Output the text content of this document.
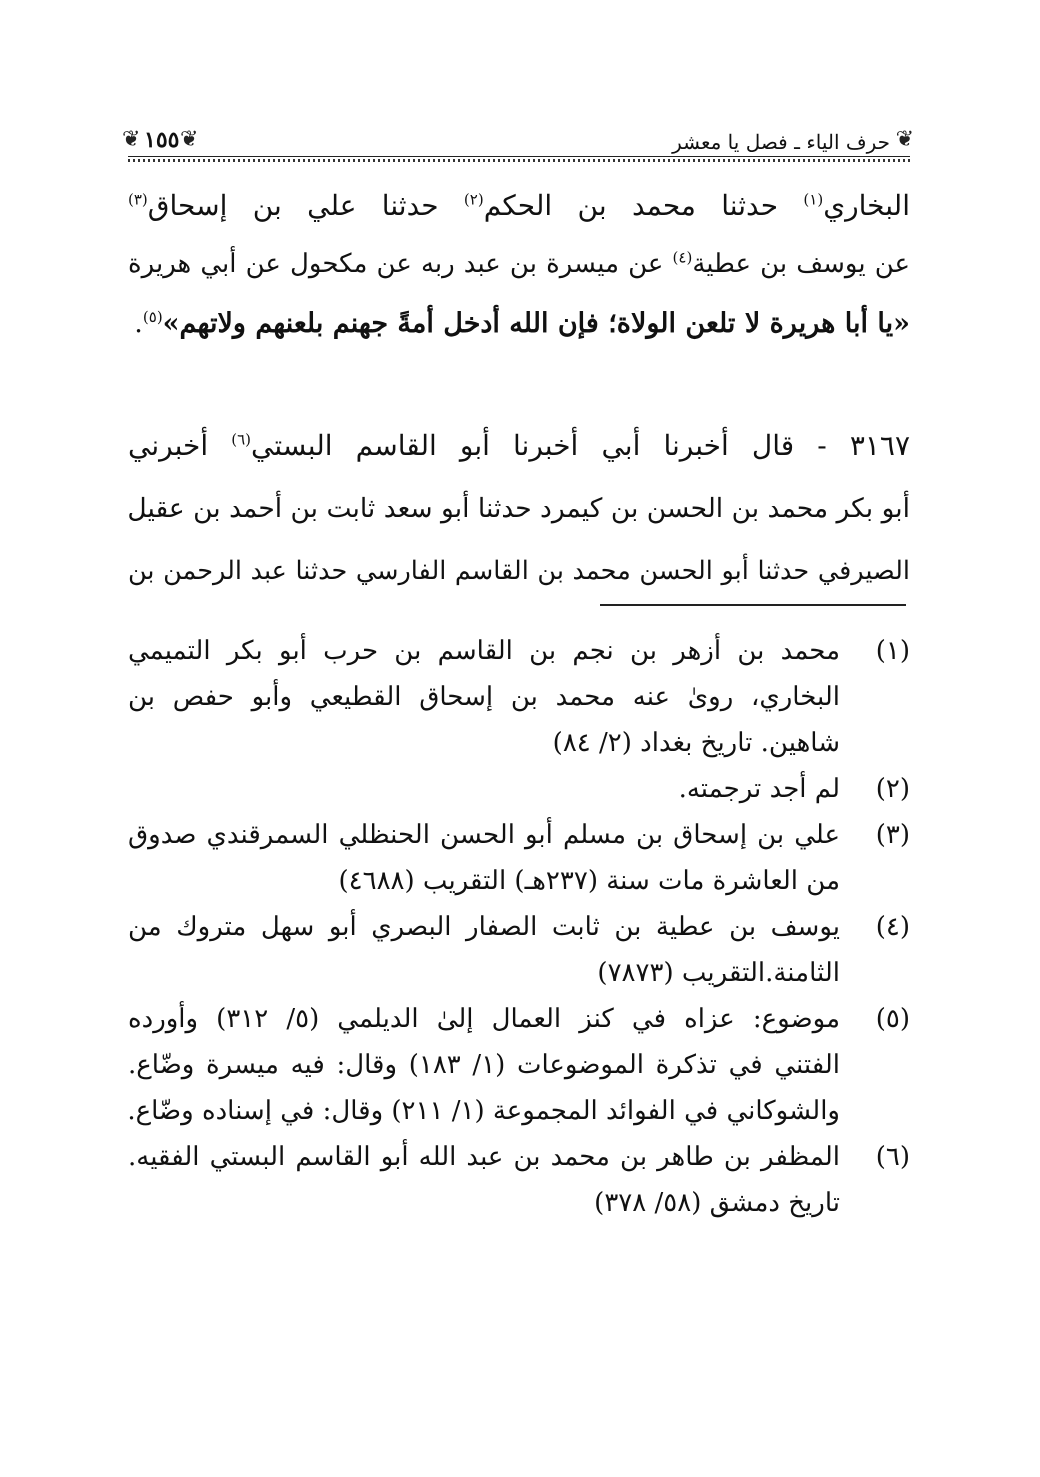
❦
حرف الياء ـ فصل يا معشر
❦
١٥٥
❦
البخاري$^{(١)}$ حدثنا محمد بن الحكم$^{(٢)}$ حدثنا علي بن إسحاق$^{(٣)}$
عن يوسف بن عطية$^{(٤)}$ عن ميسرة بن عبد ربه عن مكحول عن أبي هريرة
«يا أبا هريرة لا تلعن الولاة؛ فإن الله أدخل أمةً جهنم بلعنهم ولاتهم»$^{(٥)}$.
٣١٦٧ - قال أخبرنا أبي أخبرنا أبو القاسم البستي$^{(٦)}$ أخبرني
أبو بكر محمد بن الحسن بن كيمرد حدثنا أبو سعد ثابت بن أحمد بن عقيل
الصيرفي حدثنا أبو الحسن محمد بن القاسم الفارسي حدثنا عبد الرحمن بن
(١)
محمد بن أزهر بن نجم بن القاسم بن حرب أبو بكر التميمي
البخاري، روىٰ عنه محمد بن إسحاق القطيعي وأبو حفص بن
شاهين. تاريخ بغداد (٢/ ٨٤)
(٢)
لم أجد ترجمته.
(٣)
علي بن إسحاق بن مسلم أبو الحسن الحنظلي السمرقندي صدوق
من العاشرة مات سنة (٢٣٧هـ) التقريب (٤٦٨٨)
(٤)
يوسف بن عطية بن ثابت الصفار البصري أبو سهل متروك من
الثامنة.التقريب (٧٨٧٣)
(٥)
موضوع: عزاه في كنز العمال إلىٰ الديلمي (٥/ ٣١٢) وأورده
الفتني في تذكرة الموضوعات (١/ ١٨٣) وقال: فيه ميسرة وضّاع.
والشوكاني في الفوائد المجموعة (١/ ٢١١) وقال: في إسناده وضّاع.
(٦)
المظفر بن طاهر بن محمد بن عبد الله أبو القاسم البستي الفقيه.
تاريخ دمشق (٥٨/ ٣٧٨)
